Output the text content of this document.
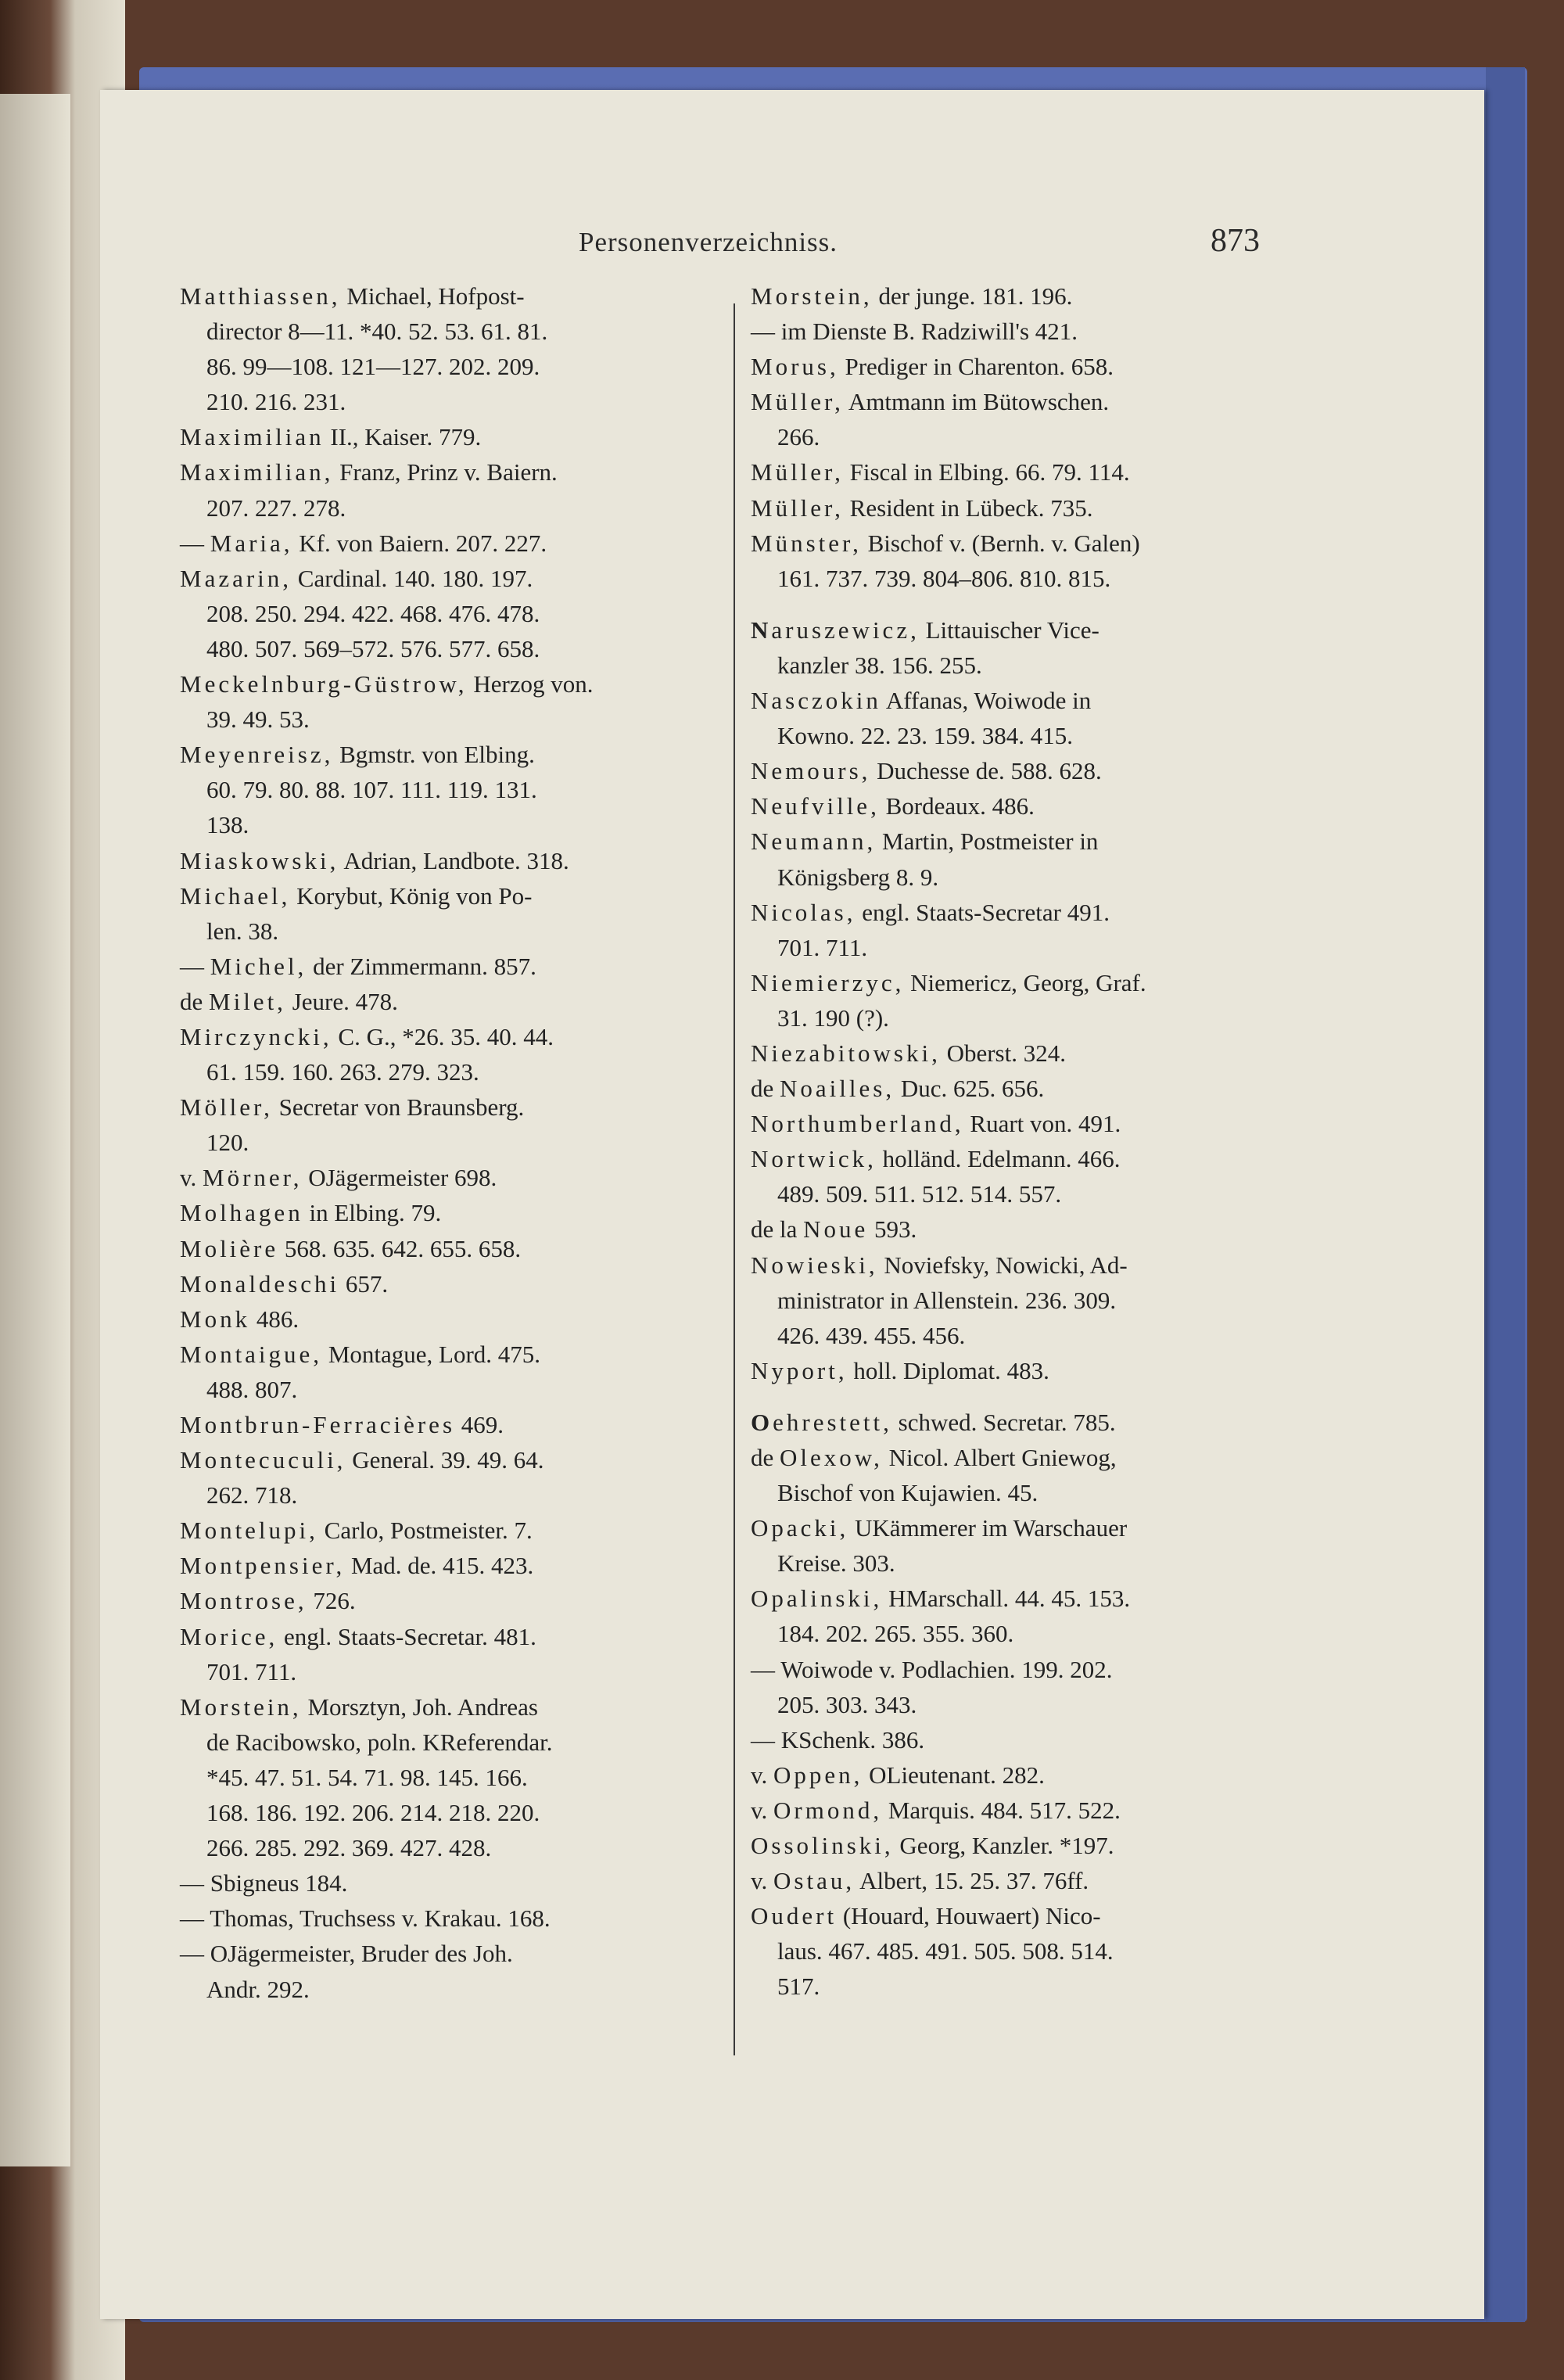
Personenverzeichniss.	873
Matthiassen, Michael, Hofpost-
director 8—11. *40. 52. 53. 61. 81.
86. 99—108. 121—127. 202. 209.
210. 216. 231.
Maximilian II., Kaiser. 779.
Maximilian, Franz, Prinz v. Baiern.
207. 227. 278.
— Maria, Kf. von Baiern. 207. 227.
Mazarin, Cardinal. 140. 180. 197.
208. 250. 294. 422. 468. 476. 478.
480. 507. 569–572. 576. 577. 658.
Meckelnburg-Güstrow, Herzog von.
39. 49. 53.
Meyenreisz, Bgmstr. von Elbing.
60. 79. 80. 88. 107. 111. 119. 131.
138.
Miaskowski, Adrian, Landbote. 318.
Michael, Korybut, König von Po-
len. 38.
— Michel, der Zimmermann. 857.
de Milet, Jeure. 478.
Mirczyncki, C. G., *26. 35. 40. 44.
61. 159. 160. 263. 279. 323.
Möller, Secretar von Braunsberg.
120.
v. Mörner, OJägermeister 698.
Molhagen in Elbing. 79.
Molière 568. 635. 642. 655. 658.
Monaldeschi 657.
Monk 486.
Montaigue, Montague, Lord. 475.
488. 807.
Montbrun-Ferracières 469.
Montecuculi, General. 39. 49. 64.
262. 718.
Montelupi, Carlo, Postmeister. 7.
Montpensier, Mad. de. 415. 423.
Montrose, 726.
Morice, engl. Staats-Secretar. 481.
701. 711.
Morstein, Morsztyn, Joh. Andreas
de Racibowsko, poln. KReferendar.
*45. 47. 51. 54. 71. 98. 145. 166.
168. 186. 192. 206. 214. 218. 220.
266. 285. 292. 369. 427. 428.
— Sbigneus 184.
— Thomas, Truchsess v. Krakau. 168.
— OJägermeister, Bruder des Joh.
Andr. 292.
Morstein, der junge. 181. 196.
— im Dienste B. Radziwill's 421.
Morus, Prediger in Charenton. 658.
Müller, Amtmann im Bütowschen.
266.
Müller, Fiscal in Elbing. 66. 79. 114.
Müller, Resident in Lübeck. 735.
Münster, Bischof v. (Bernh. v. Galen)
161. 737. 739. 804–806. 810. 815.
Naruszewicz, Littauischer Vice-
kanzler 38. 156. 255.
Nasczokin Affanas, Woiwode in
Kowno. 22. 23. 159. 384. 415.
Nemours, Duchesse de. 588. 628.
Neufville, Bordeaux. 486.
Neumann, Martin, Postmeister in
Königsberg 8. 9.
Nicolas, engl. Staats-Secretar 491.
701. 711.
Niemierzyc, Niemericz, Georg, Graf.
31. 190 (?).
Niezabitowski, Oberst. 324.
de Noailles, Duc. 625. 656.
Northumberland, Ruart von. 491.
Nortwick, holländ. Edelmann. 466.
489. 509. 511. 512. 514. 557.
de la Noue 593.
Nowieski, Noviefsky, Nowicki, Ad-
ministrator in Allenstein. 236. 309.
426. 439. 455. 456.
Nyport, holl. Diplomat. 483.
Oehrestett, schwed. Secretar. 785.
de Olexow, Nicol. Albert Gniewog,
Bischof von Kujawien. 45.
Opacki, UKämmerer im Warschauer
Kreise. 303.
Opalinski, HMarschall. 44. 45. 153.
184. 202. 265. 355. 360.
— Woiwode v. Podlachien. 199. 202.
205. 303. 343.
— KSchenk. 386.
v. Oppen, OLieutenant. 282.
v. Ormond, Marquis. 484. 517. 522.
Ossolinski, Georg, Kanzler. *197.
v. Ostau, Albert, 15. 25. 37. 76ff.
Oudert (Houard, Houwaert) Nico-
laus. 467. 485. 491. 505. 508. 514.
517.
